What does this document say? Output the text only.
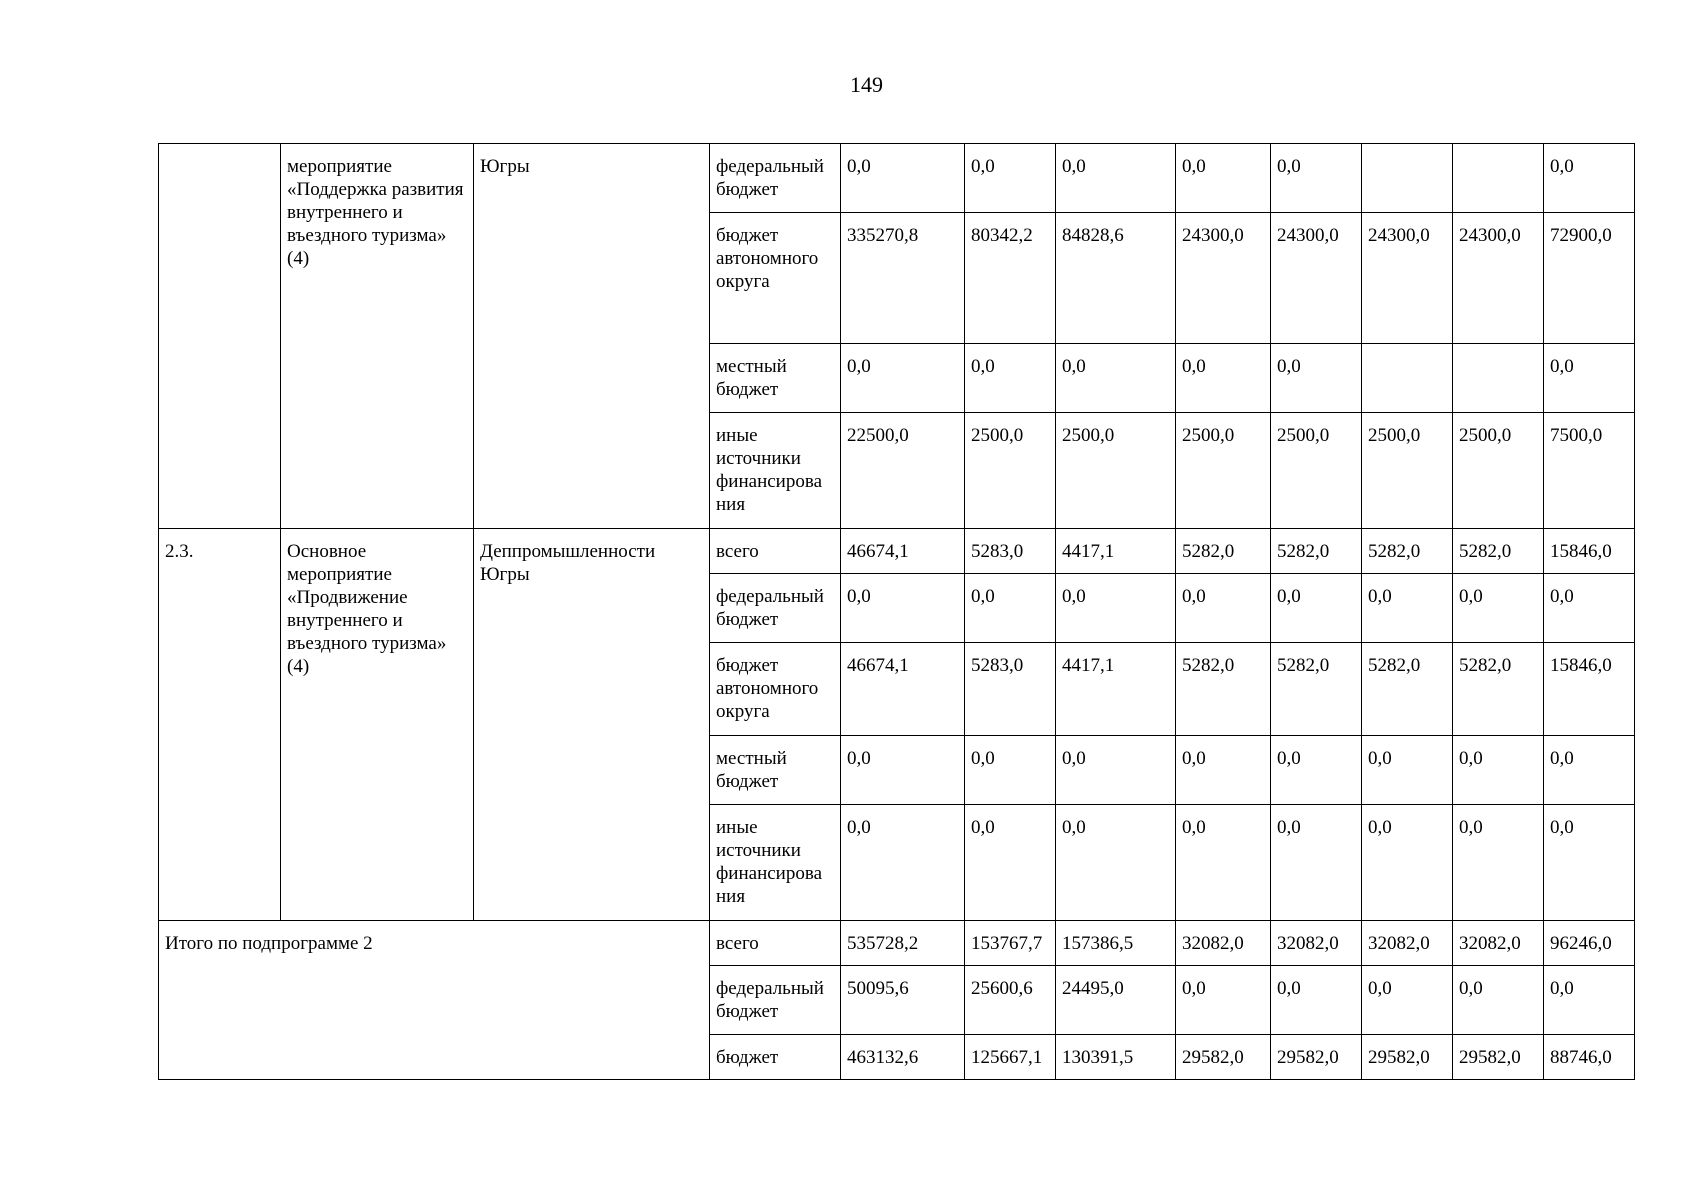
149
	мероприятие «Поддержка развития внутреннего и въездного туризма» (4)	Югры	федеральный бюджет	0,0	0,0	0,0	0,0	0,0			0,0
			бюджет автономного округа	335270,8	80342,2	84828,6	24300,0	24300,0	24300,0	24300,0	72900,0
			местный бюджет	0,0	0,0	0,0	0,0	0,0			0,0
			иные источники финансирова ния	22500,0	2500,0	2500,0	2500,0	2500,0	2500,0	2500,0	7500,0
2.3.	Основное мероприятие «Продвижение внутреннего и въездного туризма» (4)	Деппромышленности Югры	всего	46674,1	5283,0	4417,1	5282,0	5282,0	5282,0	5282,0	15846,0
			федеральный бюджет	0,0	0,0	0,0	0,0	0,0	0,0	0,0	0,0
			бюджет автономного округа	46674,1	5283,0	4417,1	5282,0	5282,0	5282,0	5282,0	15846,0
			местный бюджет	0,0	0,0	0,0	0,0	0,0	0,0	0,0	0,0
			иные источники финансирова ния	0,0	0,0	0,0	0,0	0,0	0,0	0,0	0,0
Итого по подпрограмме 2			всего	535728,2	153767,7	157386,5	32082,0	32082,0	32082,0	32082,0	96246,0
			федеральный бюджет	50095,6	25600,6	24495,0	0,0	0,0	0,0	0,0	0,0
			бюджет	463132,6	125667,1	130391,5	29582,0	29582,0	29582,0	29582,0	88746,0
